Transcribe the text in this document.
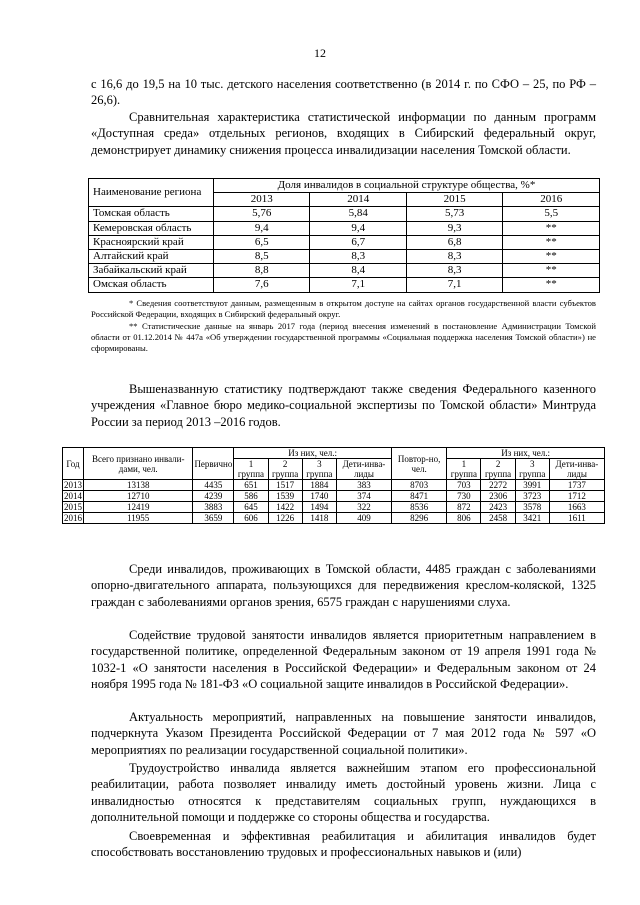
12

с 16,6 до 19,5 на 10 тыс. детского населения соответственно (в 2014 г. по СФО – 25, по РФ – 26,6).

Сравнительная характеристика статистической информации по данным программ «Доступная среда» отдельных регионов, входящих в Сибирский федеральный округ, демонстрирует динамику снижения процесса инвалидизации населения Томской области.

Наименование региона	Доля инвалидов в социальной структуре общества, %*			
	2013	2014	2015	2016
Томская область	5,76	5,84	5,73	5,5
Кемеровская область	9,4	9,4	9,3	**
Красноярский край	6,5	6,7	6,8	**
Алтайский край	8,5	8,3	8,3	**
Забайкальский край	8,8	8,4	8,3	**
Омская область	7,6	7,1	7,1	**

* Сведения соответствуют данным, размещенным в открытом доступе на сайтах органов государственной власти субъектов Российской Федерации, входящих в Сибирский федеральный округ.

** Статистические данные на январь 2017 года (период внесения изменений в постановление Администрации Томской области от 01.12.2014 № 447а «Об утверждении государственной программы «Социальная поддержка населения Томской области») не сформированы.

Вышеназванную статистику подтверждают также сведения Федерального казенного учреждения «Главное бюро медико-социальной экспертизы по Томской области» Минтруда России за период 2013 –2016 годов.

Год	Всего признано инвали-дами, чел.	Первично	Из них, чел.:				Повтор-но, чел.	Из них, чел.:			
			1 группа	2 группа	3 группа	Дети-инва-лиды		1 группа	2 группа	3 группа	Дети-инва-лиды
2013	13138	4435	651	1517	1884	383	8703	703	2272	3991	1737
2014	12710	4239	586	1539	1740	374	8471	730	2306	3723	1712
2015	12419	3883	645	1422	1494	322	8536	872	2423	3578	1663
2016	11955	3659	606	1226	1418	409	8296	806	2458	3421	1611

Среди инвалидов, проживающих в Томской области, 4485 граждан с заболеваниями опорно-двигательного аппарата, пользующихся для передвижения креслом-коляской, 1325 граждан с заболеваниями органов зрения, 6575 граждан с нарушениями слуха.

Содействие трудовой занятости инвалидов является приоритетным направлением в государственной политике, определенной Федеральным законом от 19 апреля 1991 года № 1032-1 «О занятости населения в Российской Федерации» и Федеральным законом от 24 ноября 1995 года № 181-ФЗ «О социальной защите инвалидов в Российской Федерации».

Актуальность мероприятий, направленных на повышение занятости инвалидов, подчеркнута Указом Президента Российской Федерации от 7 мая 2012 года № 597 «О мероприятиях по реализации государственной социальной политики».

Трудоустройство инвалида является важнейшим этапом его профессиональной реабилитации, работа позволяет инвалиду иметь достойный уровень жизни. Лица с инвалидностью относятся к представителям социальных групп, нуждающихся в дополнительной помощи и поддержке со стороны общества и государства.

Своевременная и эффективная реабилитация и абилитация инвалидов будет способствовать восстановлению трудовых и профессиональных навыков и (или)
